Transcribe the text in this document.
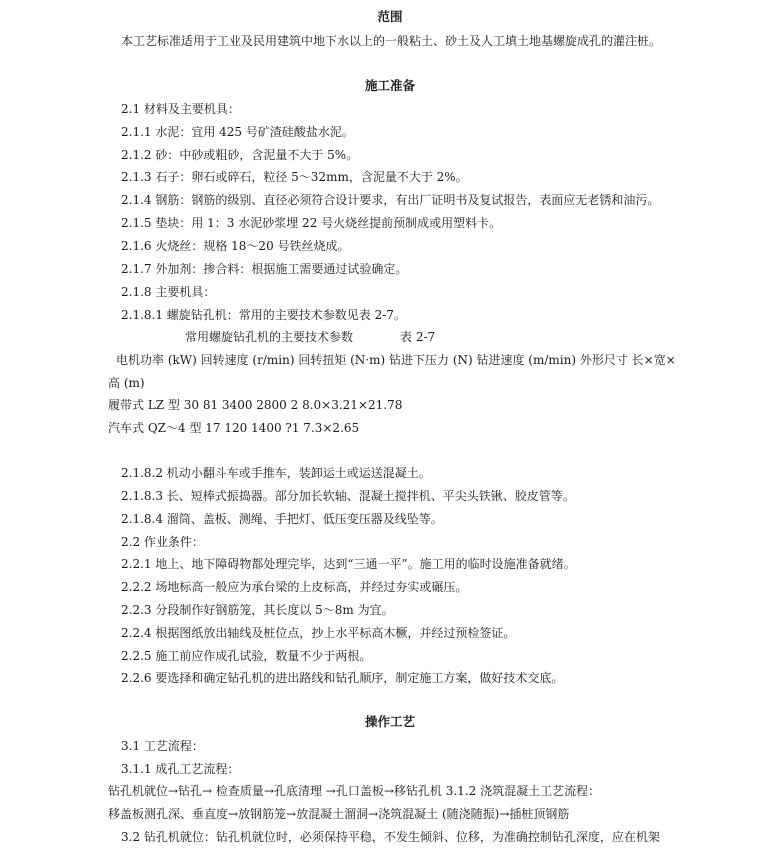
范围
本工艺标准适用于工业及民用建筑中地下水以上的一般粘土、砂土及人工填土地基螺旋成孔的灌注桩。
施工准备
2.1 材料及主要机具：
2.1.1 水泥：宜用 425 号矿渣硅酸盐水泥。
2.1.2 砂：中砂或粗砂，含泥量不大于 5%。
2.1.3 石子：卵石或碎石，粒径 5～32mm，含泥量不大于 2%。
2.1.4 钢筋：钢筋的级别、直径必须符合设计要求，有出厂证明书及复试报告，表面应无老锈和油污。
2.1.5 垫块：用 1：3 水泥砂浆埋 22 号火烧丝提前预制成或用塑料卡。
2.1.6 火烧丝：规格 18～20 号铁丝烧成。
2.1.7 外加剂：掺合料：根据施工需要通过试验确定。
2.1.8 主要机具：
2.1.8.1 螺旋钻孔机：常用的主要技术参数见表 2-7。
常用螺旋钻孔机的主要技术参数	表 2-7
电机功率 (kW) 回转速度 (r/min) 回转扭矩 (N·m) 钻进下压力 (N) 钻进速度 (m/min) 外形尺寸 长×宽×
高 (m)
履带式 LZ 型 30 81 3400 2800 2 8.0×3.21×21.78
汽车式 QZ～4 型 17 120 1400 ?1 7.3×2.65
2.1.8.2 机动小翻斗车或手推车，装卸运土或运送混凝土。
2.1.8.3 长、短棒式振捣器。部分加长软轴、混凝土搅拌机、平尖头铁锹、胶皮管等。
2.1.8.4 溜筒、盖板、测绳、手把灯、低压变压器及线坠等。
2.2 作业条件：
2.2.1 地上、地下障碍物都处理完毕，达到“三通一平”。施工用的临时设施准备就绪。
2.2.2 场地标高一般应为承台梁的上皮标高，并经过夯实或碾压。
2.2.3 分段制作好钢筋笼，其长度以 5～8m 为宜。
2.2.4 根据图纸放出轴线及桩位点，抄上水平标高木橛，并经过预检签证。
2.2.5 施工前应作成孔试验，数量不少于两根。
2.2.6 要选择和确定钻孔机的进出路线和钻孔顺序，制定施工方案，做好技术交底。
操作工艺
3.1 工艺流程：
3.1.1 成孔工艺流程：
钻孔机就位→钻孔→ 检查质量→孔底清理 →孔口盖板→移钻孔机 3.1.2 浇筑混凝土工艺流程：
移盖板测孔深、垂直度→放钢筋笼→放混凝土溜洞→浇筑混凝土 (随浇随振)→插桩顶钢筋
3.2 钻孔机就位：钻孔机就位时，必须保持平稳，不发生倾斜、位移，为准确控制钻孔深度，应在机架
